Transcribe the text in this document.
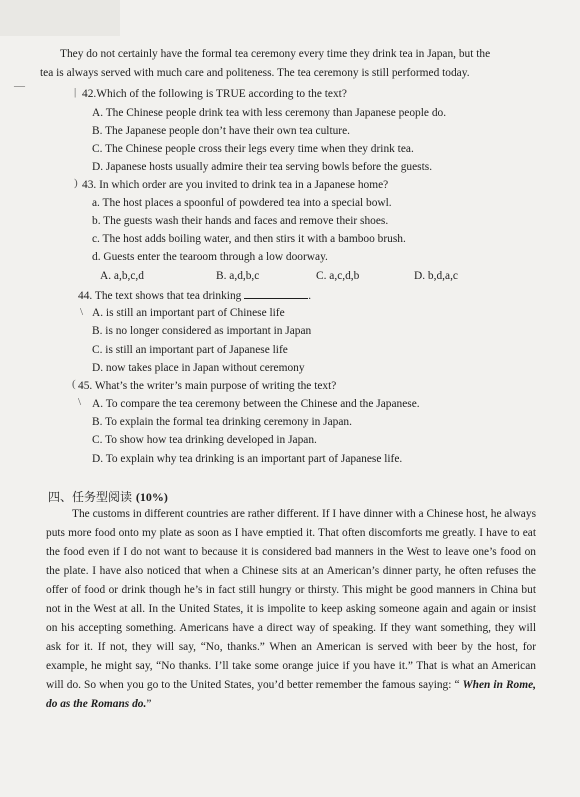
They do not certainly have the formal tea ceremony every time they drink tea in Japan, but the
tea is always served with much care and politeness. The tea ceremony is still performed today.
—	| 42.Which of the following is TRUE according to the text?
A. The Chinese people drink tea with less ceremony than Japanese people do.
B. The Japanese people don’t have their own tea culture.
C. The Chinese people cross their legs every time when they drink tea.
D. Japanese hosts usually admire their tea serving bowls before the guests.
) 43. In which order are you invited to drink tea in a Japanese home?
a. The host places a spoonful of powdered tea into a special bowl.
b. The guests wash their hands and faces and remove their shoes.
c. The host adds boiling water, and then stirs it with a bamboo brush.
d. Guests enter the tearoom through a low doorway.
A. a,b,c,d	B. a,d,b,c	C. a,c,d,b	D. b,d,a,c
44. The text shows that tea drinking	.
\ A. is still an important part of Chinese life
B. is no longer considered as important in Japan
C. is still an important part of Japanese life
D. now takes place in Japan without ceremony
( 45. What’s the writer’s main purpose of writing the text?
\ A. To compare the tea ceremony between the Chinese and the Japanese.
B. To explain the formal tea drinking ceremony in Japan.
C. To show how tea drinking developed in Japan.
D. To explain why tea drinking is an important part of Japanese life.
四、任务型阅读 (10%)
The customs in different countries are rather different. If I have dinner with a Chinese host, he always puts more food onto my plate as soon as I have emptied it. That often discomforts me greatly. I have to eat the food even if I do not want to because it is considered bad manners in the West to leave one’s food on the plate. I have also noticed that when a Chinese sits at an American’s dinner party, he often refuses the offer of food or drink though he’s in fact still hungry or thirsty. This might be good manners in China but not in the West at all. In the United States, it is impolite to keep asking someone again and again or insist on his accepting something. Americans have a direct way of speaking. If they want something, they will ask for it. If not, they will say, “No, thanks.” When an American is served with beer by the host, for example, he might say, “No thanks. I’ll take some orange juice if you have it.” That is what an American will do. So when you go to the United States, you’d better remember the famous saying: “ When in Rome, do as the Romans do.”
